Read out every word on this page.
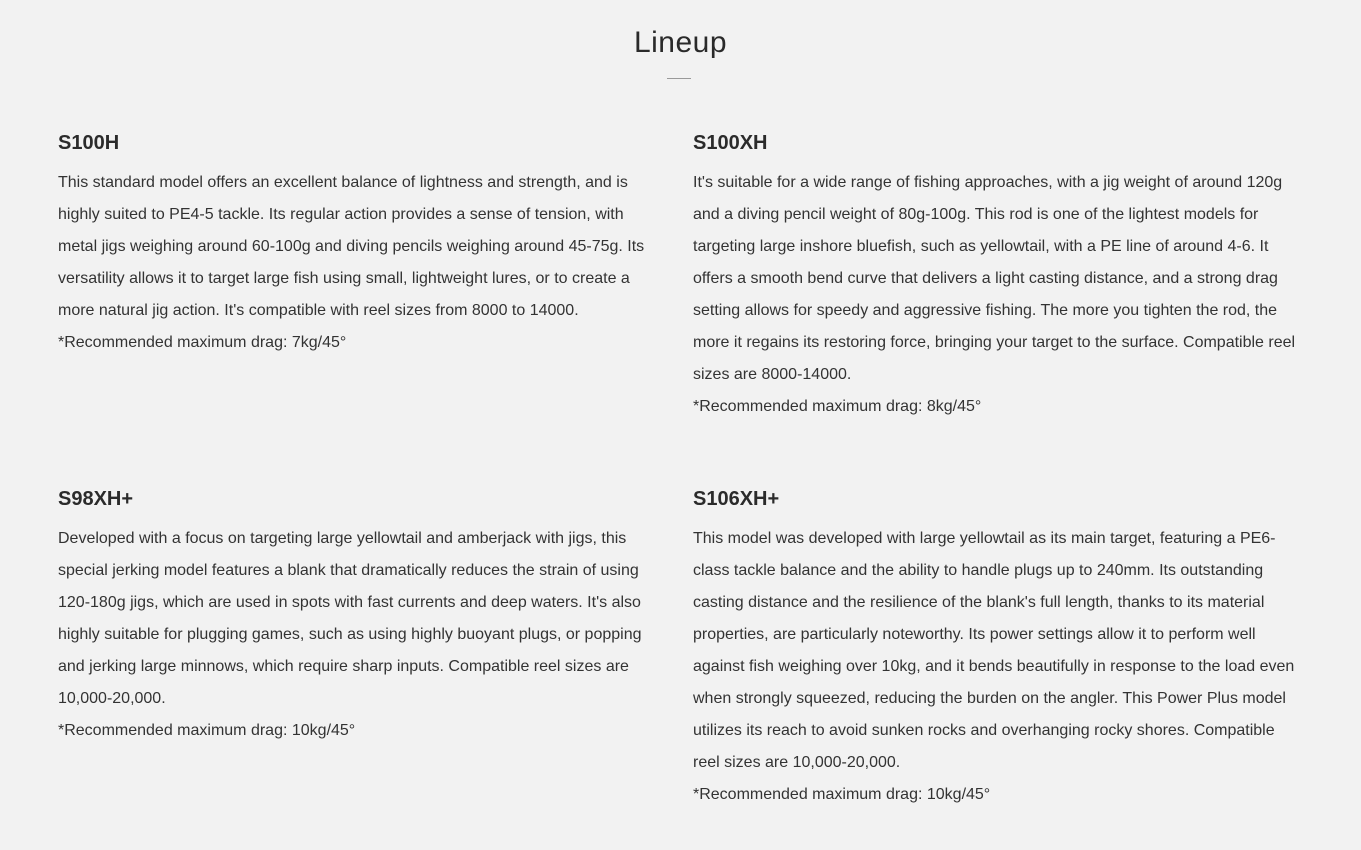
Lineup
S100H

This standard model offers an excellent balance of lightness and strength, and is highly suited to PE4-5 tackle. Its regular action provides a sense of tension, with metal jigs weighing around 60-100g and diving pencils weighing around 45-75g. Its versatility allows it to target large fish using small, lightweight lures, or to create a more natural jig action. It's compatible with reel sizes from 8000 to 14000.

*Recommended maximum drag: 7kg/45°

S100XH

It's suitable for a wide range of fishing approaches, with a jig weight of around 120g and a diving pencil weight of 80g-100g. This rod is one of the lightest models for targeting large inshore bluefish, such as yellowtail, with a PE line of around 4-6. It offers a smooth bend curve that delivers a light casting distance, and a strong drag setting allows for speedy and aggressive fishing. The more you tighten the rod, the more it regains its restoring force, bringing your target to the surface. Compatible reel sizes are 8000-14000.

*Recommended maximum drag: 8kg/45°

S98XH+

Developed with a focus on targeting large yellowtail and amberjack with jigs, this special jerking model features a blank that dramatically reduces the strain of using 120-180g jigs, which are used in spots with fast currents and deep waters. It's also highly suitable for plugging games, such as using highly buoyant plugs, or popping and jerking large minnows, which require sharp inputs. Compatible reel sizes are 10,000-20,000.

*Recommended maximum drag: 10kg/45°

S106XH+

This model was developed with large yellowtail as its main target, featuring a PE6-class tackle balance and the ability to handle plugs up to 240mm. Its outstanding casting distance and the resilience of the blank's full length, thanks to its material properties, are particularly noteworthy. Its power settings allow it to perform well against fish weighing over 10kg, and it bends beautifully in response to the load even when strongly squeezed, reducing the burden on the angler. This Power Plus model utilizes its reach to avoid sunken rocks and overhanging rocky shores. Compatible reel sizes are 10,000-20,000.

*Recommended maximum drag: 10kg/45°
